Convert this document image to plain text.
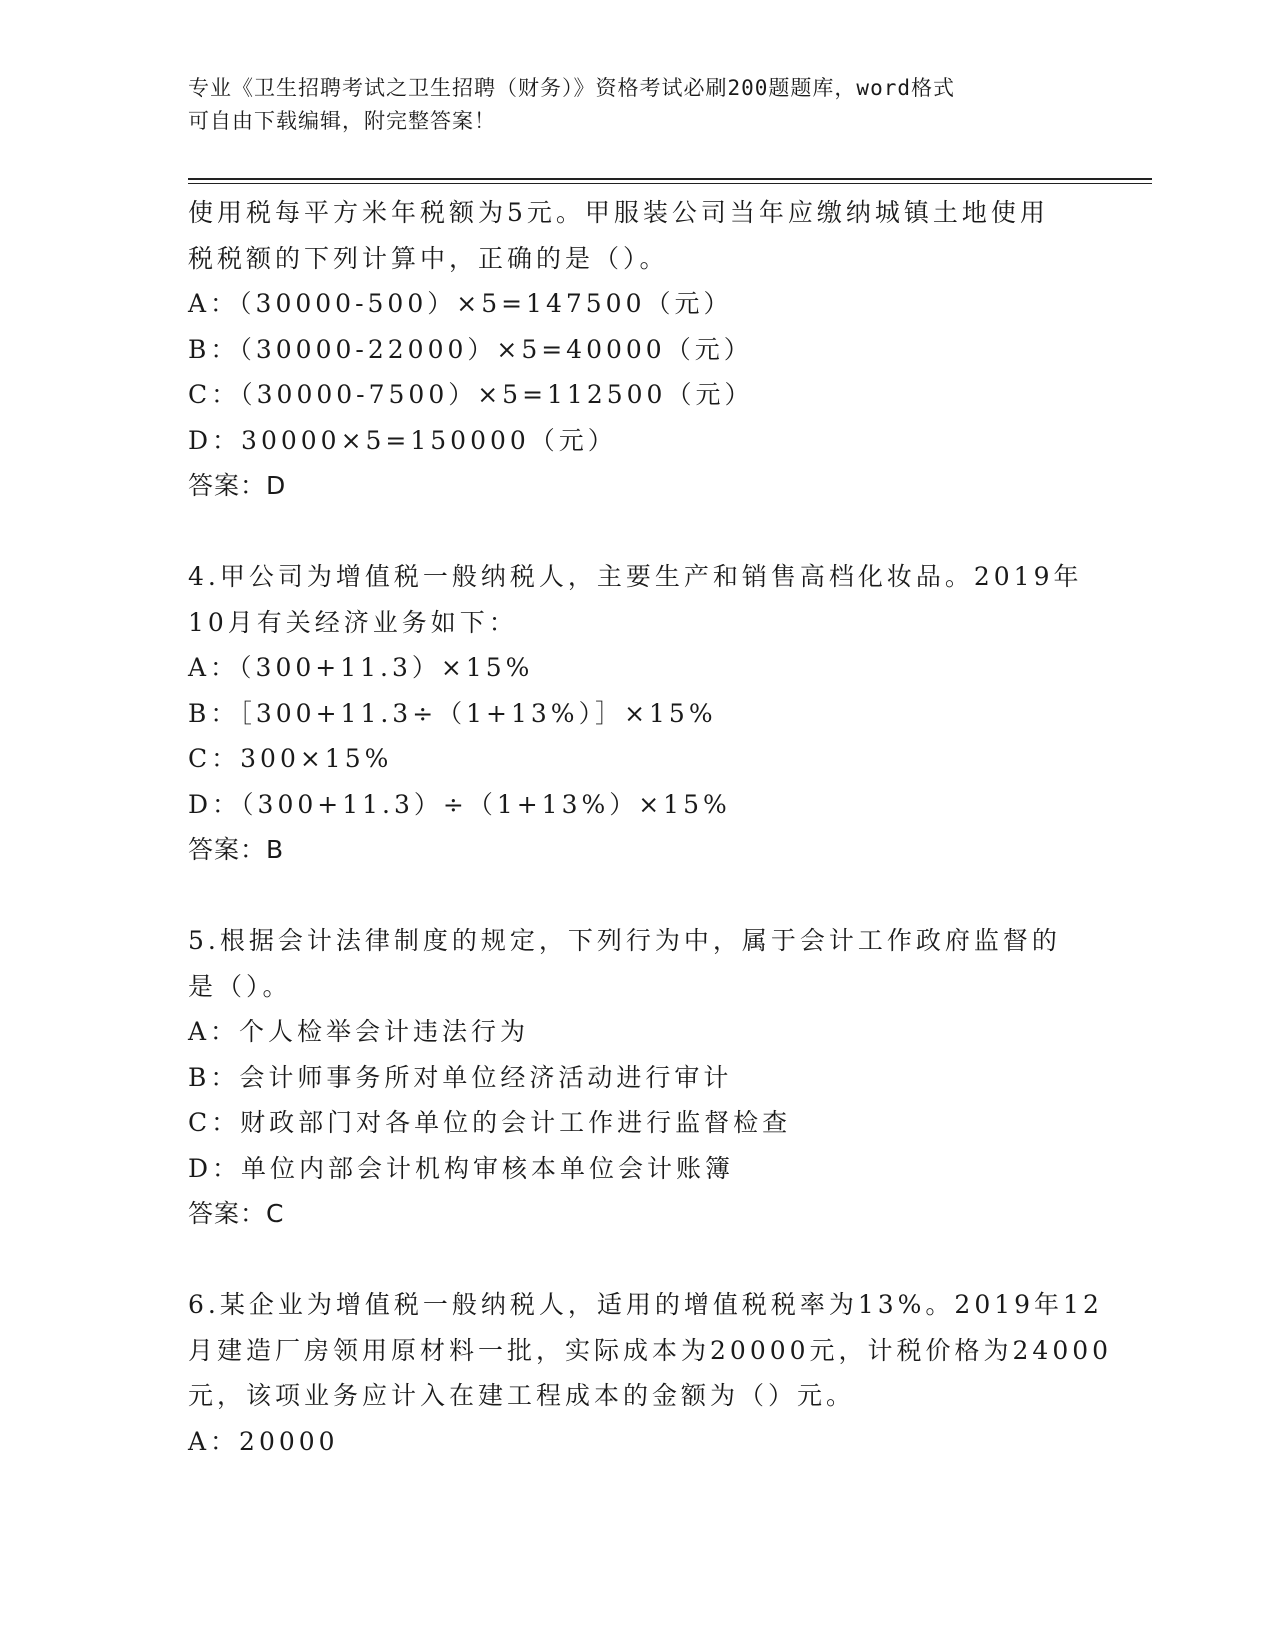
专业《卫生招聘考试之卫生招聘（财务）》资格考试必刷200题题库，word格式
可自由下载编辑，附完整答案！
使用税每平方米年税额为5元。甲服装公司当年应缴纳城镇土地使用
税税额的下列计算中，正确的是（）。
A：（30000-500）×5=147500（元）
B：（30000-22000）×5=40000（元）
C：（30000-7500）×5=112500（元）
D：30000×5=150000（元）
答案：D
4.甲公司为增值税一般纳税人，主要生产和销售高档化妆品。2019年
10月有关经济业务如下：
A：（300+11.3）×15%
B：［300+11.3÷（1+13%）］×15%
C：300×15%
D：（300+11.3）÷（1+13%）×15%
答案：B
5.根据会计法律制度的规定，下列行为中，属于会计工作政府监督的
是（）。
A：个人检举会计违法行为
B：会计师事务所对单位经济活动进行审计
C：财政部门对各单位的会计工作进行监督检查
D：单位内部会计机构审核本单位会计账簿
答案：C
6.某企业为增值税一般纳税人，适用的增值税税率为13%。2019年12
月建造厂房领用原材料一批，实际成本为20000元，计税价格为24000
元，该项业务应计入在建工程成本的金额为（）元。
A：20000
